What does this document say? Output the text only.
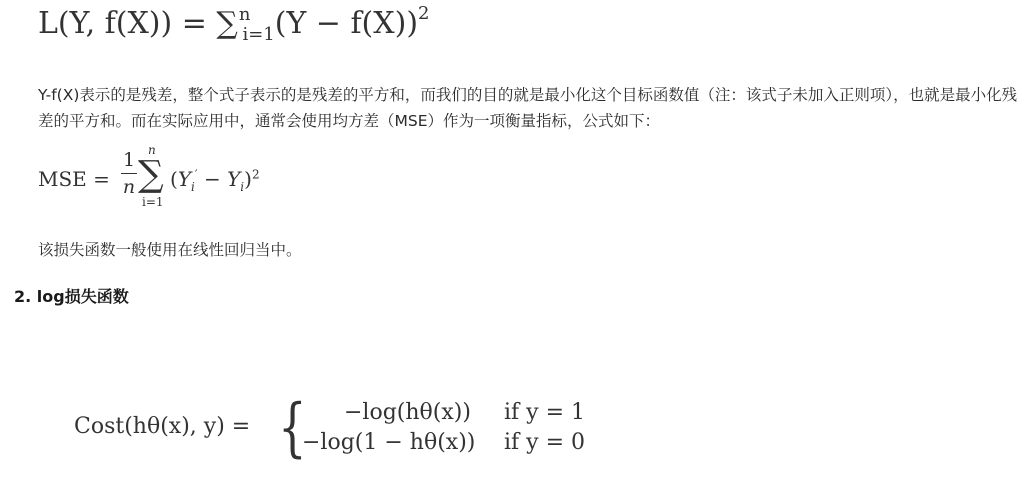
L(Y, $f(X)) = \sum^n_{i=1}(Y - f(X))^2$
Y-f(X)表示的是残差，整个式子表示的是残差的平方和，而我们的目的就是最小化这个目标函数值（注：该式子未加入正则项），也就是最小化残差的平方和。而在实际应用中，通常会使用均方差（MSE）作为一项衡量指标，公式如下：
MSE =
1
n
n
∑
i=1
$(Y_i' - Y_i)^2$
该损失函数一般使用在线性回归当中。
2. log损失函数
Cost(hθ(x), y) = { −log(hθ(x)) if y = 1
−log(1 − hθ(x)) if y = 0
